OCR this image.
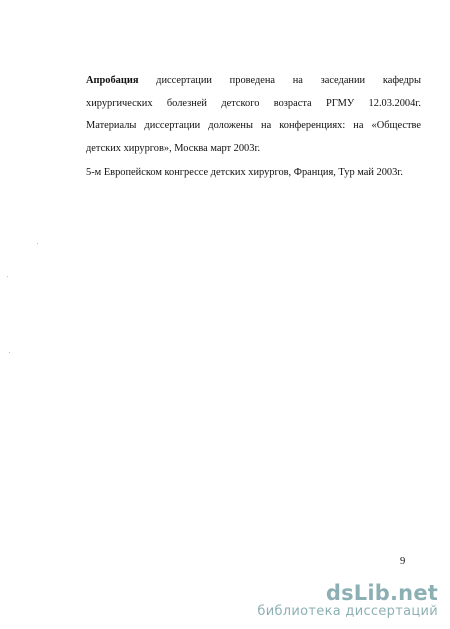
Апробация диссертации проведена на заседании кафедры
хирургических болезней детского возраста РГМУ 12.03.2004г.
Материалы диссертации доложены на конференциях: на «Обществе
детских хирургов», Москва март 2003г.

5-м Европейском конгрессе детских хирургов, Франция, Тур май 2003г.

9
dsLib.net
библиотека диссертаций
